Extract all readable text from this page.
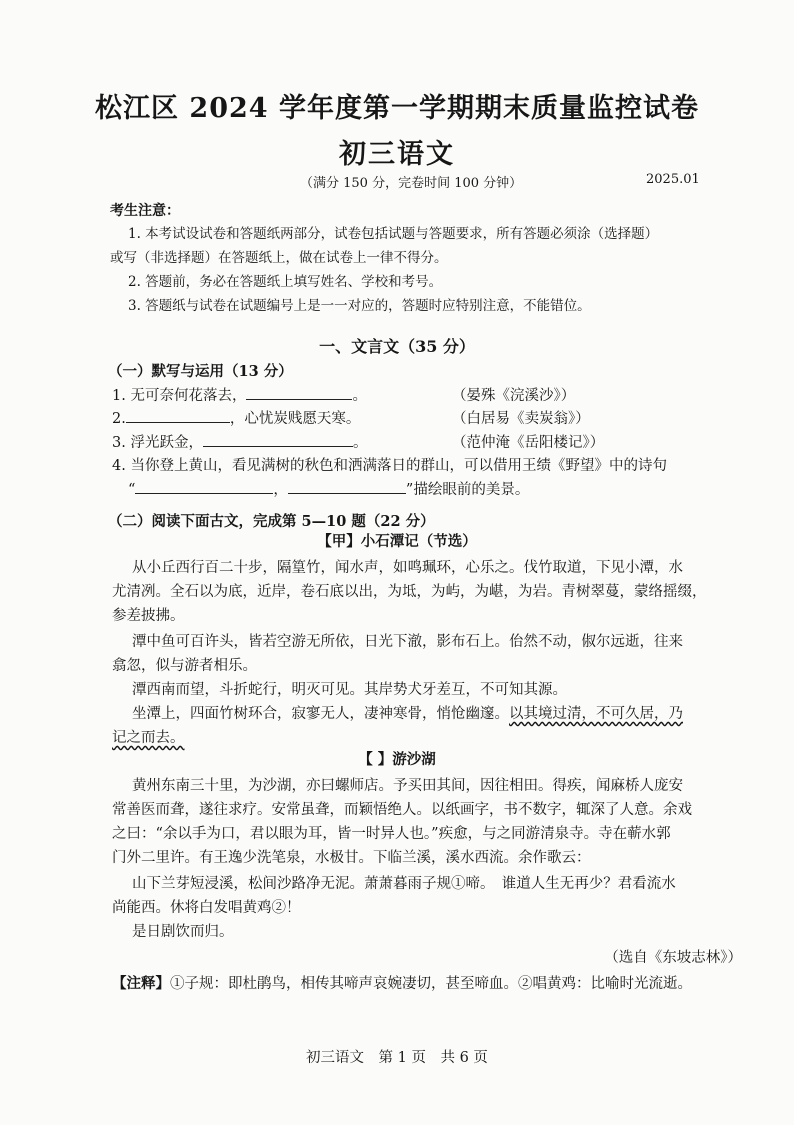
松江区 2024 学年度第一学期期末质量监控试卷
初三语文
（满分 150 分，完卷时间 100 分钟）	2025.01
考生注意：
1. 本考试设试卷和答题纸两部分，试卷包括试题与答题要求，所有答题必须涂（选择题）
或写（非选择题）在答题纸上，做在试卷上一律不得分。
2. 答题前，务必在答题纸上填写姓名、学校和考号。
3. 答题纸与试卷在试题编号上是一一对应的，答题时应特别注意，不能错位。
一、文言文（35 分）
（一）默写与运用（13 分）
1. 无可奈何花落去，	。	（晏殊《浣溪沙》）
2.	，心忧炭贱愿天寒。	（白居易《卖炭翁》）
3. 浮光跃金，	。	（范仲淹《岳阳楼记》）
4. 当你登上黄山，看见满树的秋色和洒满落日的群山，可以借用王绩《野望》中的诗句
“	，	”描绘眼前的美景。
（二）阅读下面古文，完成第 5—10 题（22 分）
【甲】小石潭记（节选）
从小丘西行百二十步，隔篁竹，闻水声，如鸣珮环，心乐之。伐竹取道，下见小潭，水
尤清冽。全石以为底，近岸，卷石底以出，为坻，为屿，为嵁，为岩。青树翠蔓，蒙络摇缀，
参差披拂。
潭中鱼可百许头，皆若空游无所依，日光下澈，影布石上。佁然不动，俶尔远逝，往来
翕忽，似与游者相乐。
潭西南而望，斗折蛇行，明灭可见。其岸势犬牙差互，不可知其源。
坐潭上，四面竹树环合，寂寥无人，凄神寒骨，悄怆幽邃。以其境过清，不可久居，乃
记之而去。
【 】游沙湖
黄州东南三十里，为沙湖，亦曰螺师店。予买田其间，因往相田。得疾，闻麻桥人庞安
常善医而聋，遂往求疗。安常虽聋，而颖悟绝人。以纸画字，书不数字，辄深了人意。余戏
之曰：“余以手为口，君以眼为耳，皆一时异人也。”疾愈，与之同游清泉寺。寺在蕲水郭
门外二里许。有王逸少洗笔泉，水极甘。下临兰溪，溪水西流。余作歌云：
山下兰芽短浸溪，松间沙路净无泥。萧萧暮雨子规①啼。　谁道人生无再少？君看流水
尚能西。休将白发唱黄鸡②！
是日剧饮而归。
（选自《东坡志林》）
【注释】①子规：即杜鹃鸟，相传其啼声哀婉凄切，甚至啼血。②唱黄鸡：比喻时光流逝。
初三语文　第 1 页　共 6 页
